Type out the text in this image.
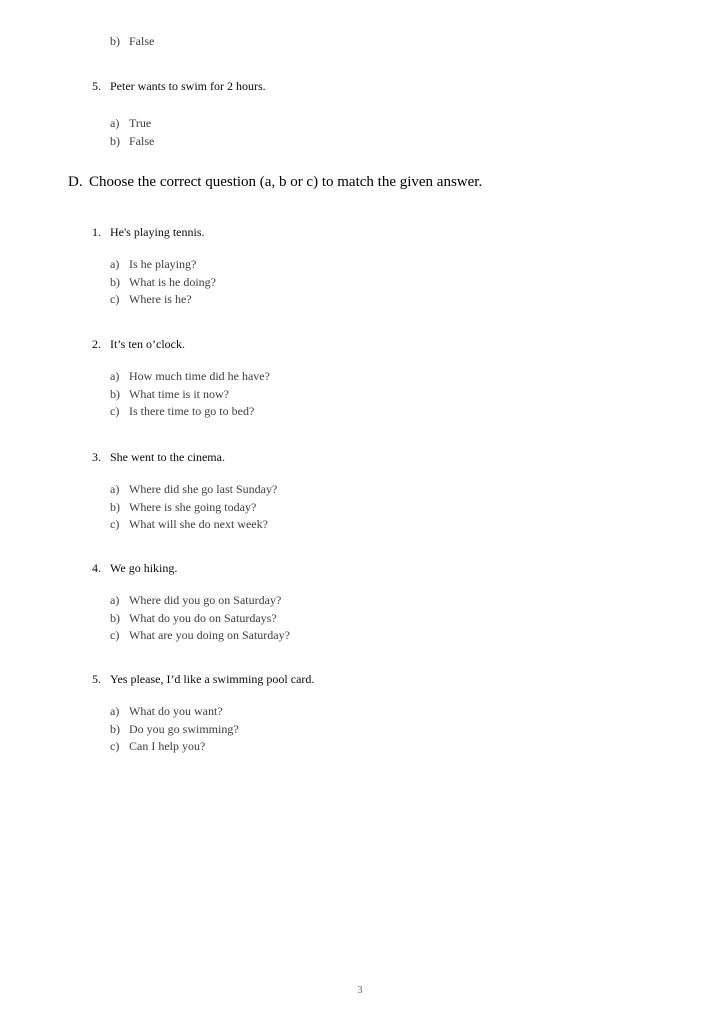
b) False
5. Peter wants to swim for 2 hours.
a) True
b) False
D. Choose the correct question (a, b or c) to match the given answer.
1. He's playing tennis.
a) Is he playing?
b) What is he doing?
c) Where is he?
2. It’s ten o’clock.
a) How much time did he have?
b) What time is it now?
c) Is there time to go to bed?
3. She went to the cinema.
a) Where did she go last Sunday?
b) Where is she going today?
c) What will she do next week?
4. We go hiking.
a) Where did you go on Saturday?
b) What do you do on Saturdays?
c) What are you doing on Saturday?
5. Yes please, I’d like a swimming pool card.
a) What do you want?
b) Do you go swimming?
c) Can I help you?
3
